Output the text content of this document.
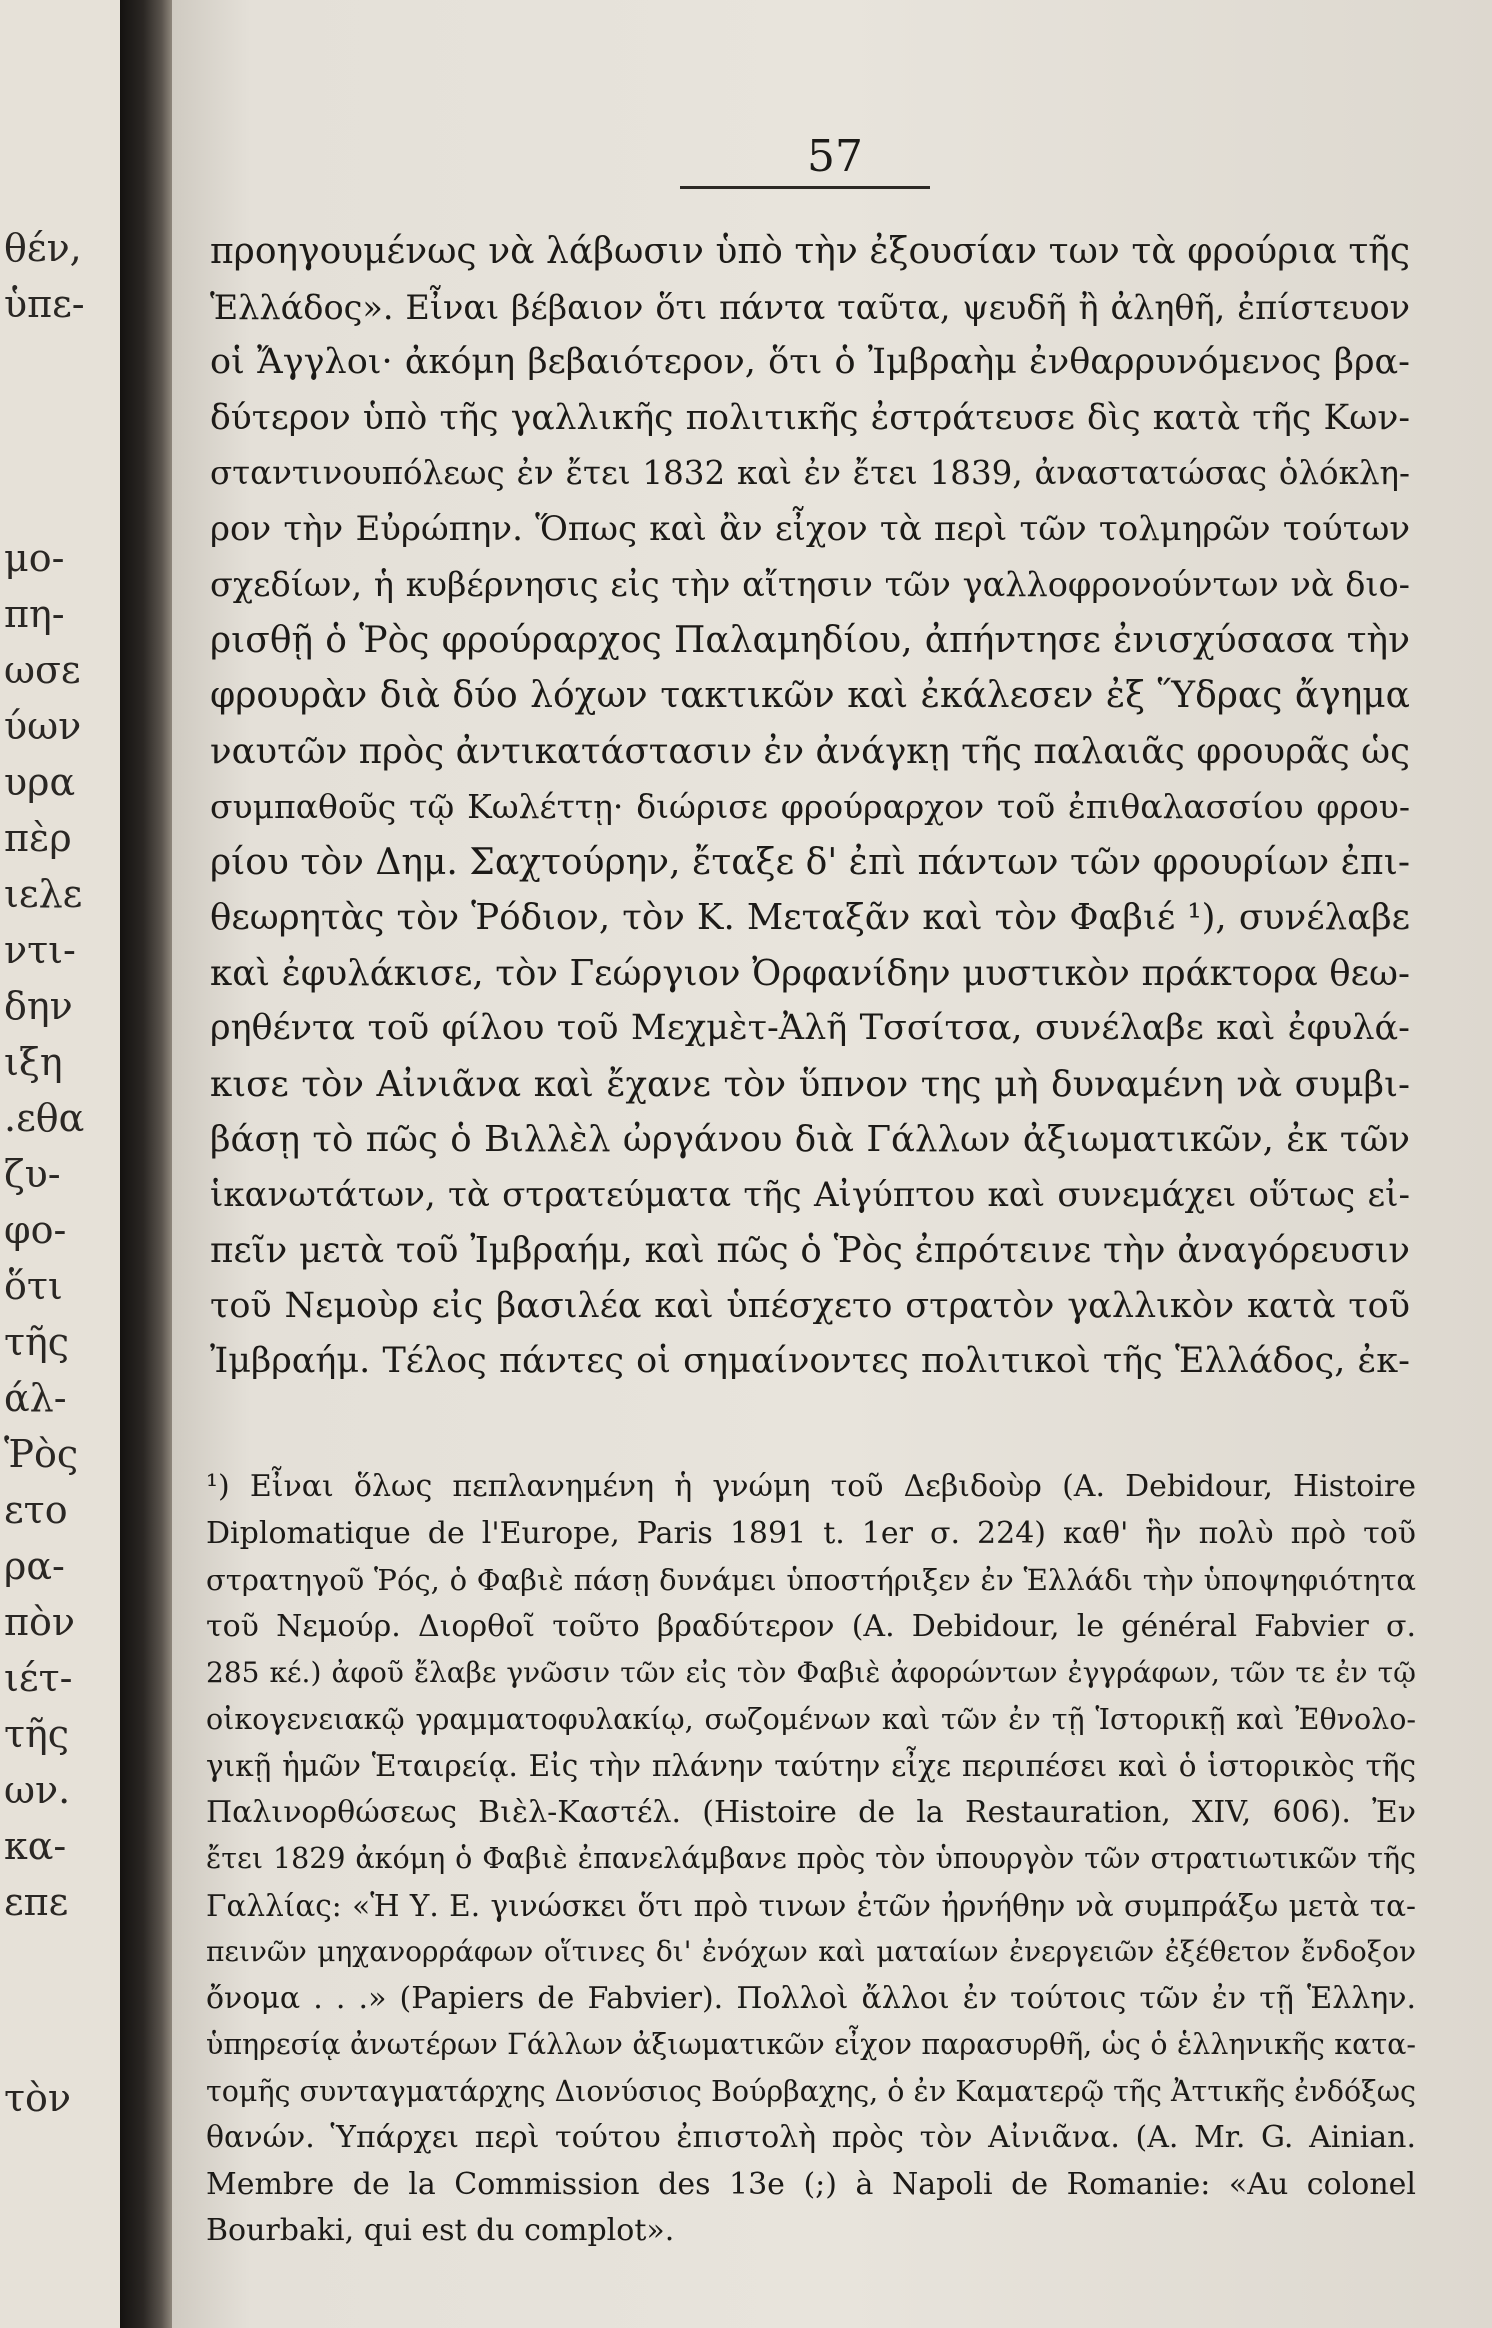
θέν,
ὑπε-
μο-
πη-
ωσε
ύων
υρα
πὲρ
ιελε
ντι-
δην
ιξη
.εθα
ζυ-
φο-
ὅτι
τῆς
άλ-
Ῥὸς
ετο
ρα-
πὸν
ιέτ-
τῆς
ων.
κα-
επε
τὸν
57
προηγουμένως νὰ λάβωσιν ὑπὸ τὴν ἐξουσίαν των τὰ φρούρια τῆς
Ἑλλάδος». Εἶναι βέβαιον ὅτι πάντα ταῦτα, ψευδῆ ἢ ἀληθῆ, ἐπίστευον
οἱ Ἄγγλοι· ἀκόμη βεβαιότερον, ὅτι ὁ Ἰμβραὴμ ἐνθαρρυνόμενος βρα-
δύτερον ὑπὸ τῆς γαλλικῆς πολιτικῆς ἐστράτευσε δὶς κατὰ τῆς Κων-
σταντινουπόλεως ἐν ἔτει 1832 καὶ ἐν ἔτει 1839, ἀναστατώσας ὁλόκλη-
ρον τὴν Εὐρώπην. Ὅπως καὶ ἂν εἶχον τὰ περὶ τῶν τολμηρῶν τούτων
σχεδίων, ἡ κυβέρνησις εἰς τὴν αἴτησιν τῶν γαλλοφρονούντων νὰ διο-
ρισθῇ ὁ Ῥὸς φρούραρχος Παλαμηδίου, ἀπήντησε ἐνισχύσασα τὴν
φρουρὰν διὰ δύο λόχων τακτικῶν καὶ ἐκάλεσεν ἐξ Ὕδρας ἄγημα
ναυτῶν πρὸς ἀντικατάστασιν ἐν ἀνάγκῃ τῆς παλαιᾶς φρουρᾶς ὡς
συμπαθοῦς τῷ Κωλέττῃ· διώρισε φρούραρχον τοῦ ἐπιθαλασσίου φρου-
ρίου τὸν Δημ. Σαχτούρην, ἔταξε δ' ἐπὶ πάντων τῶν φρουρίων ἐπι-
θεωρητὰς τὸν Ῥόδιον, τὸν Κ. Μεταξᾶν καὶ τὸν Φαβιέ ¹), συνέλαβε
καὶ ἐφυλάκισε, τὸν Γεώργιον Ὀρφανίδην μυστικὸν πράκτορα θεω-
ρηθέντα τοῦ φίλου τοῦ Μεχμὲτ-Ἀλῆ Τσσίτσα, συνέλαβε καὶ ἐφυλά-
κισε τὸν Αἰνιᾶνα καὶ ἔχανε τὸν ὕπνον της μὴ δυναμένη νὰ συμβι-
βάσῃ τὸ πῶς ὁ Βιλλὲλ ὠργάνου διὰ Γάλλων ἀξιωματικῶν, ἐκ τῶν
ἱκανωτάτων, τὰ στρατεύματα τῆς Αἰγύπτου καὶ συνεμάχει οὕτως εἰ-
πεῖν μετὰ τοῦ Ἰμβραήμ, καὶ πῶς ὁ Ῥὸς ἐπρότεινε τὴν ἀναγόρευσιν
τοῦ Νεμοὺρ εἰς βασιλέα καὶ ὑπέσχετο στρατὸν γαλλικὸν κατὰ τοῦ
Ἰμβραήμ. Τέλος πάντες οἱ σημαίνοντες πολιτικοὶ τῆς Ἑλλάδος, ἐκ-
¹) Εἶναι ὅλως πεπλανημένη ἡ γνώμη τοῦ Δεβιδοὺρ (A. Debidour, Histoire
Diplomatique de l'Europe, Paris 1891 t. 1er σ. 224) καθ' ἣν πολὺ πρὸ τοῦ
στρατηγοῦ Ῥός, ὁ Φαβιὲ πάσῃ δυνάμει ὑποστήριξεν ἐν Ἑλλάδι τὴν ὑποψηφιότητα
τοῦ Νεμούρ. Διορθοῖ τοῦτο βραδύτερον (A. Debidour, le général Fabvier σ.
285 κέ.) ἀφοῦ ἔλαβε γνῶσιν τῶν εἰς τὸν Φαβιὲ ἀφορώντων ἐγγράφων, τῶν τε ἐν τῷ
οἰκογενειακῷ γραμματοφυλακίῳ, σωζομένων καὶ τῶν ἐν τῇ Ἱστορικῇ καὶ Ἐθνολο-
γικῇ ἡμῶν Ἑταιρείᾳ. Εἰς τὴν πλάνην ταύτην εἶχε περιπέσει καὶ ὁ ἱστορικὸς τῆς
Παλινορθώσεως Βιὲλ-Καστέλ. (Histoire de la Restauration, XIV, 606). Ἐν
ἔτει 1829 ἀκόμη ὁ Φαβιὲ ἐπανελάμβανε πρὸς τὸν ὑπουργὸν τῶν στρατιωτικῶν τῆς
Γαλλίας: «Ἡ Υ. Ε. γινώσκει ὅτι πρὸ τινων ἐτῶν ἠρνήθην νὰ συμπράξω μετὰ τα-
πεινῶν μηχανορράφων οἵτινες δι' ἐνόχων καὶ ματαίων ἐνεργειῶν ἐξέθετον ἔνδοξον
ὄνομα . . .» (Papiers de Fabvier). Πολλοὶ ἄλλοι ἐν τούτοις τῶν ἐν τῇ Ἑλλην.
ὑπηρεσίᾳ ἀνωτέρων Γάλλων ἀξιωματικῶν εἶχον παρασυρθῆ, ὡς ὁ ἑλληνικῆς κατα-
τομῆς συνταγματάρχης Διονύσιος Βούρβαχης, ὁ ἐν Καματερῷ τῆς Ἀττικῆς ἐνδόξως
θανών. Ὑπάρχει περὶ τούτου ἐπιστολὴ πρὸς τὸν Αἰνιᾶνα. (A. Mr. G. Ainian.
Membre de la Commission des 13e (;) à Napoli de Romanie: «Au colonel
Bourbaki, qui est du complot».
